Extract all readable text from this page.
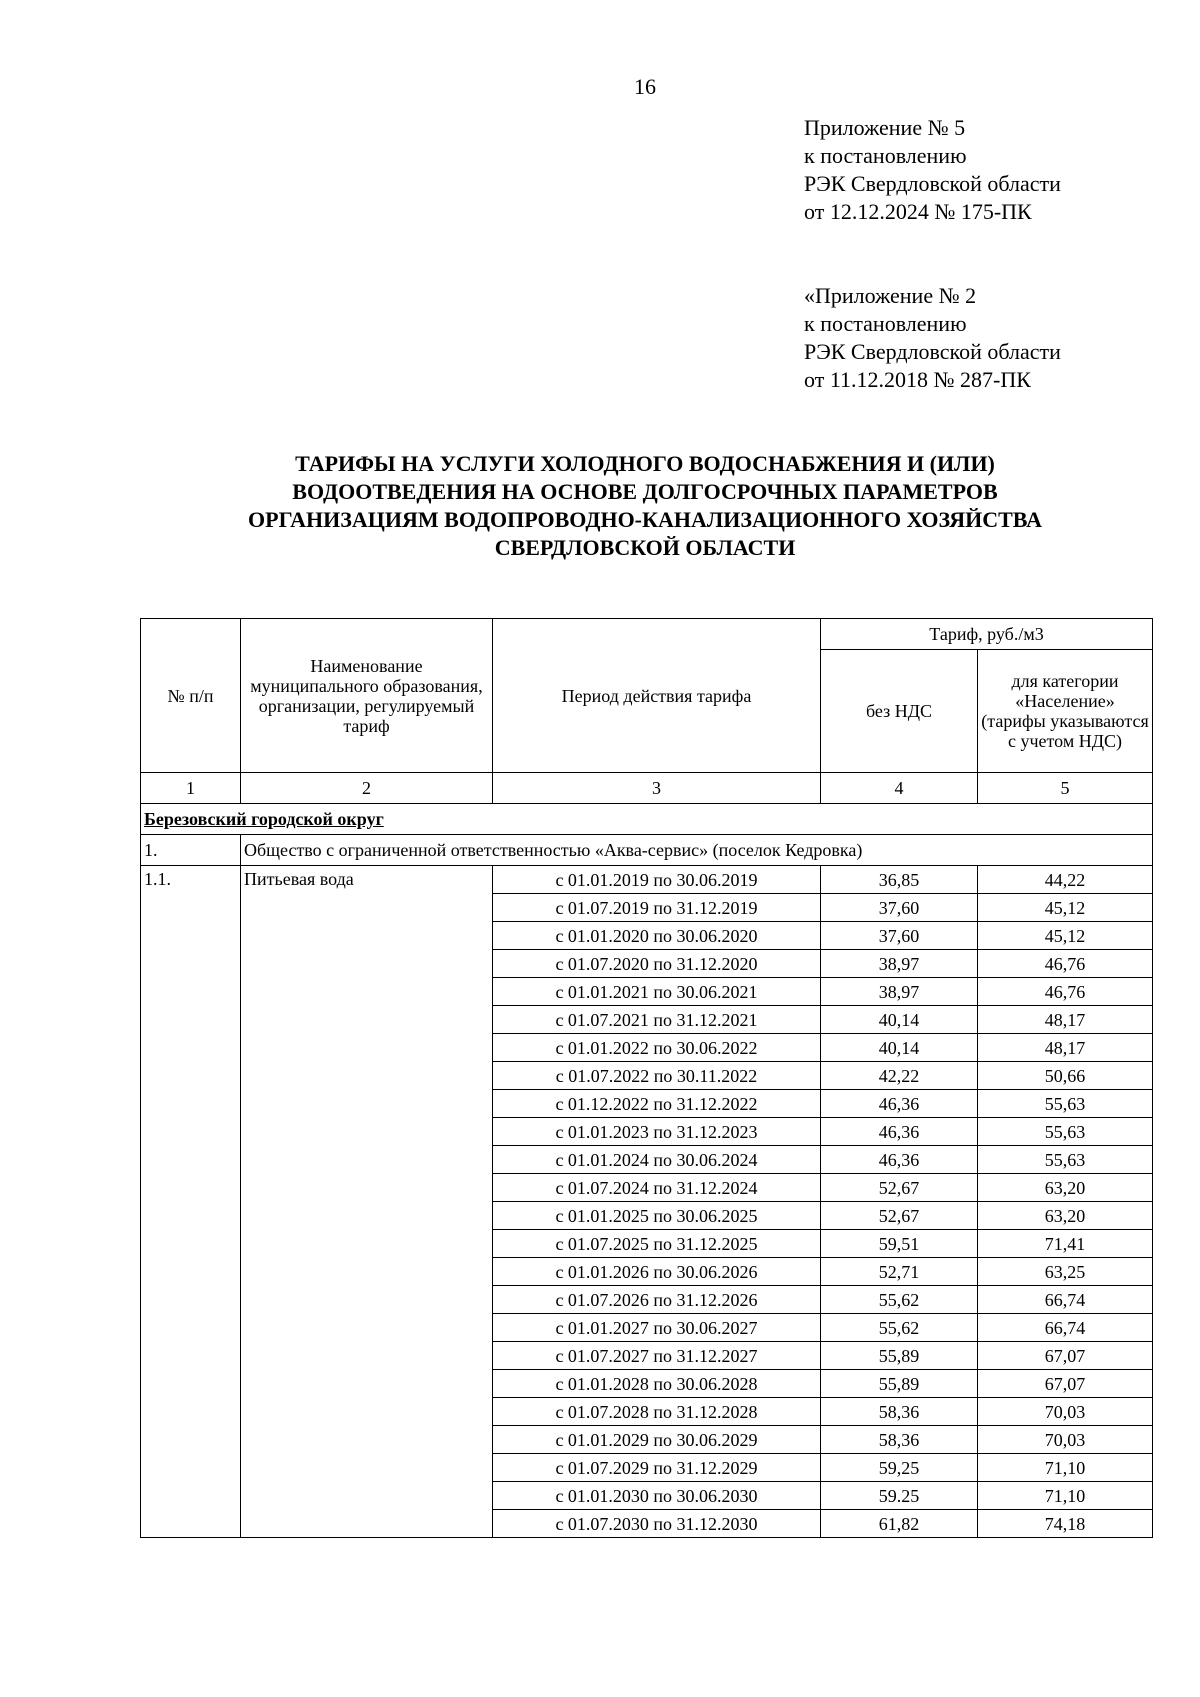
16
Приложение № 5
к постановлению
РЭК Свердловской области
от 12.12.2024 № 175-ПК
«Приложение № 2
к постановлению
РЭК Свердловской области
от 11.12.2018 № 287-ПК
ТАРИФЫ НА УСЛУГИ ХОЛОДНОГО ВОДОСНАБЖЕНИЯ И (ИЛИ)
ВОДООТВЕДЕНИЯ НА ОСНОВЕ ДОЛГОСРОЧНЫХ ПАРАМЕТРОВ
ОРГАНИЗАЦИЯМ ВОДОПРОВОДНО-КАНАЛИЗАЦИОННОГО ХОЗЯЙСТВА
СВЕРДЛОВСКОЙ ОБЛАСТИ
№ п/п	Наименование муниципального образования, организации, регулируемый тариф	Период действия тарифа	Тариф, руб./м3	
			без НДС	для категории «Население» (тарифы указываются с учетом НДС)
1	2	3	4	5
Березовский городской округ				
1.	Общество с ограниченной ответственностью «Аква-сервис» (поселок Кедровка)			
1.1.	Питьевая вода	с 01.01.2019 по 30.06.2019	36,85	44,22
		с 01.07.2019 по 31.12.2019	37,60	45,12
		с 01.01.2020 по 30.06.2020	37,60	45,12
		с 01.07.2020 по 31.12.2020	38,97	46,76
		с 01.01.2021 по 30.06.2021	38,97	46,76
		с 01.07.2021 по 31.12.2021	40,14	48,17
		с 01.01.2022 по 30.06.2022	40,14	48,17
		с 01.07.2022 по 30.11.2022	42,22	50,66
		с 01.12.2022 по 31.12.2022	46,36	55,63
		с 01.01.2023 по 31.12.2023	46,36	55,63
		с 01.01.2024 по 30.06.2024	46,36	55,63
		с 01.07.2024 по 31.12.2024	52,67	63,20
		с 01.01.2025 по 30.06.2025	52,67	63,20
		с 01.07.2025 по 31.12.2025	59,51	71,41
		с 01.01.2026 по 30.06.2026	52,71	63,25
		с 01.07.2026 по 31.12.2026	55,62	66,74
		с 01.01.2027 по 30.06.2027	55,62	66,74
		с 01.07.2027 по 31.12.2027	55,89	67,07
		с 01.01.2028 по 30.06.2028	55,89	67,07
		с 01.07.2028 по 31.12.2028	58,36	70,03
		с 01.01.2029 по 30.06.2029	58,36	70,03
		с 01.07.2029 по 31.12.2029	59,25	71,10
		с 01.01.2030 по 30.06.2030	59.25	71,10
		с 01.07.2030 по 31.12.2030	61,82	74,18
